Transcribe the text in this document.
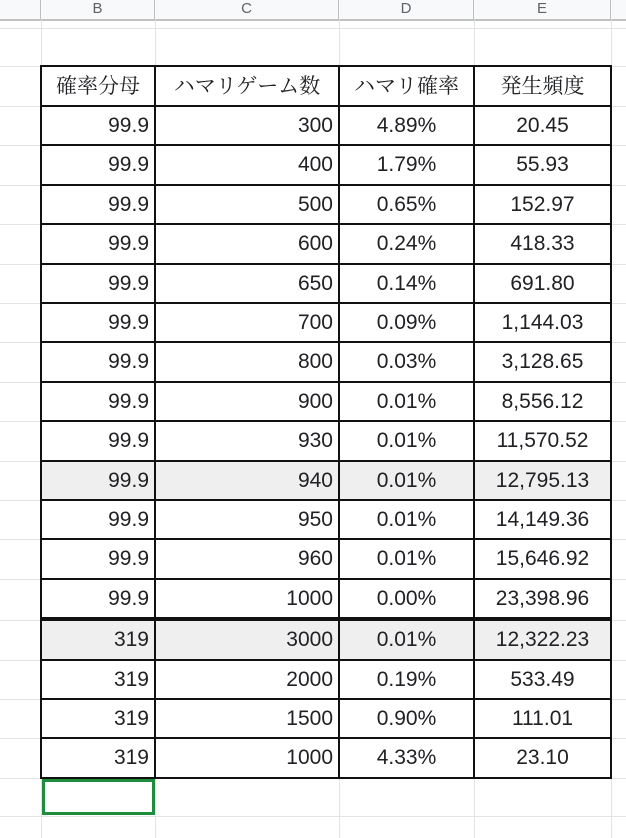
B	C	D	E
確率分母	ハマリゲーム数	ハマリ確率	発生頻度
99.9	300	4.89%	20.45
99.9	400	1.79%	55.93
99.9	500	0.65%	152.97
99.9	600	0.24%	418.33
99.9	650	0.14%	691.80
99.9	700	0.09%	1,144.03
99.9	800	0.03%	3,128.65
99.9	900	0.01%	8,556.12
99.9	930	0.01%	11,570.52
99.9	940	0.01%	12,795.13
99.9	950	0.01%	14,149.36
99.9	960	0.01%	15,646.92
99.9	1000	0.00%	23,398.96
319	3000	0.01%	12,322.23
319	2000	0.19%	533.49
319	1500	0.90%	111.01
319	1000	4.33%	23.10
